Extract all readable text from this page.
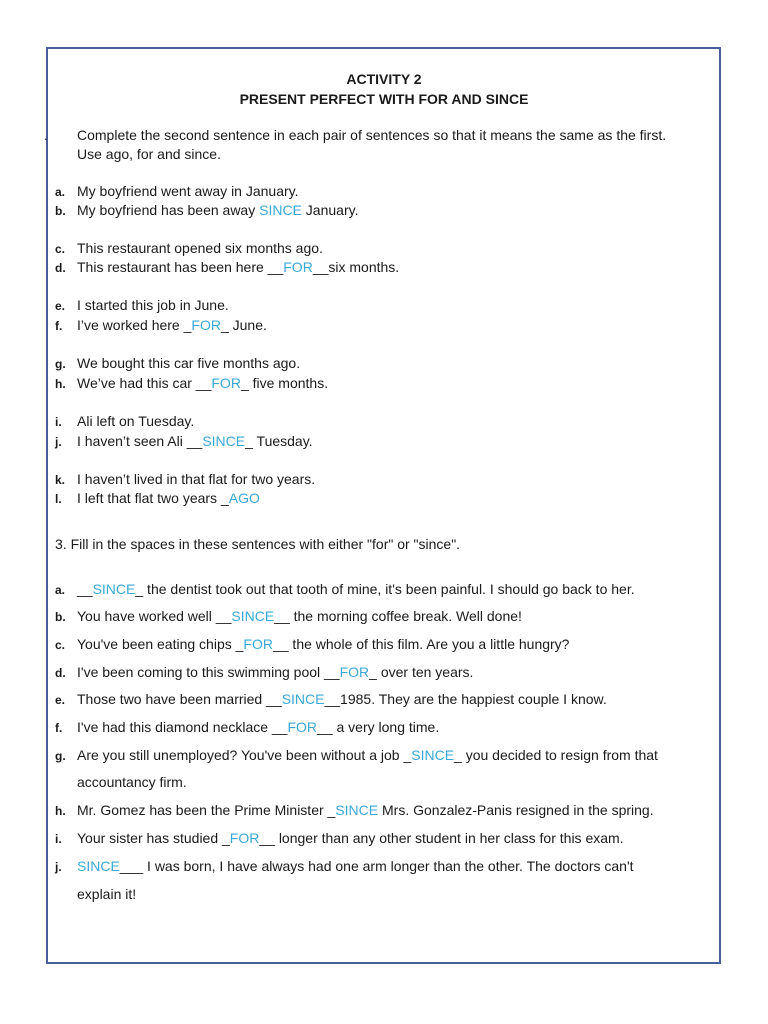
ACTIVITY 2
PRESENT PERFECT WITH FOR AND SINCE
. Complete the second sentence in each pair of sentences so that it means the same as the first.
Use ago, for and since.
a. My boyfriend went away in January.
b. My boyfriend has been away SINCE January.
c. This restaurant opened six months ago.
d. This restaurant has been here __FOR__six months.
e. I started this job in June.
f. I’ve worked here _FOR_ June.
g. We bought this car five months ago.
h. We’ve had this car __FOR_ five months.
i. Ali left on Tuesday.
j. I haven’t seen Ali __SINCE_ Tuesday.
k. I haven’t lived in that flat for two years.
l. I left that flat two years _AGO
3. Fill in the spaces in these sentences with either "for" or "since".
a. __SINCE_ the dentist took out that tooth of mine, it's been painful. I should go back to her.
b. You have worked well __SINCE__ the morning coffee break. Well done!
c. You've been eating chips _FOR__ the whole of this film. Are you a little hungry?
d. I've been coming to this swimming pool __FOR_ over ten years.
e. Those two have been married __SINCE__1985. They are the happiest couple I know.
f. I've had this diamond necklace __FOR__ a very long time.
g. Are you still unemployed? You've been without a job _SINCE_ you decided to resign from that
accountancy firm.
h. Mr. Gomez has been the Prime Minister _SINCE Mrs. Gonzalez-Panis resigned in the spring.
i. Your sister has studied _FOR__ longer than any other student in her class for this exam.
j. SINCE___ I was born, I have always had one arm longer than the other. The doctors can't
explain it!
